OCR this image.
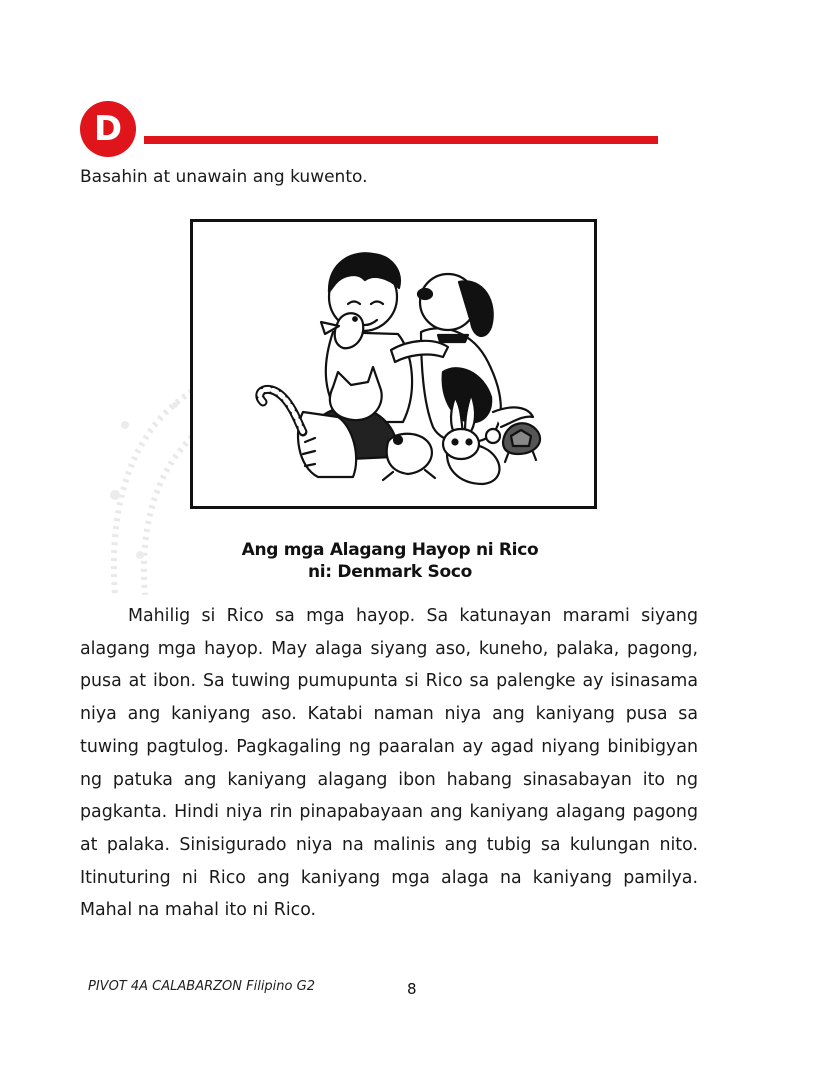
D
Basahin at unawain ang kuwento.
Ang mga Alagang Hayop ni Rico
ni: Denmark Soco

Mahilig si Rico sa mga hayop. Sa katunayan marami siyang alagang mga hayop. May alaga siyang aso, kuneho, palaka, pagong, pusa at ibon. Sa tuwing pumupunta si Rico sa palengke ay isinasama niya ang kaniyang aso. Katabi naman niya ang kaniyang pusa sa tuwing pagtulog. Pagkagaling ng paaralan ay agad niyang binibigyan ng patuka ang kaniyang alagang ibon habang sinasabayan ito ng pagkanta. Hindi niya rin pinapabayaan ang kaniyang alagang pagong at palaka. Sinisigurado niya na malinis ang tubig sa kulungan nito. Itinuturing ni Rico ang kaniyang mga alaga na kaniyang pamilya. Mahal na mahal ito ni Rico.

PIVOT 4A CALABARZON Filipino G2	8
